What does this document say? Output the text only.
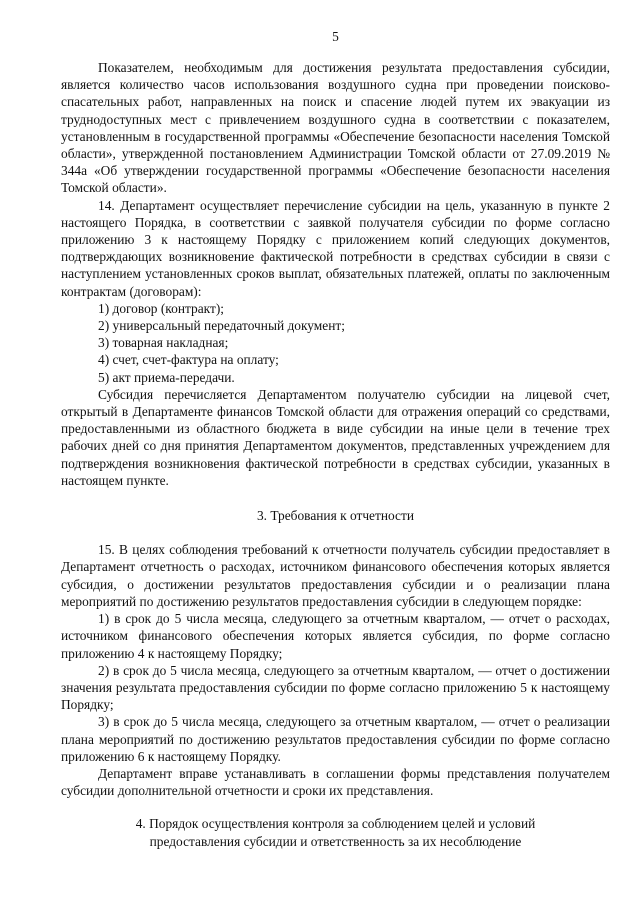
5

Показателем, необходимым для достижения результата предоставления субсидии, является количество часов использования воздушного судна при проведении поисково-спасательных работ, направленных на поиск и спасение людей путем их эвакуации из труднодоступных мест с привлечением воздушного судна в соответствии с показателем, установленным в государственной программы «Обеспечение безопасности населения Томской области», утвержденной постановлением Администрации Томской области от 27.09.2019 № 344а «Об утверждении государственной программы «Обеспечение безопасности населения Томской области».

14. Департамент осуществляет перечисление субсидии на цель, указанную в пункте 2 настоящего Порядка, в соответствии с заявкой получателя субсидии по форме согласно приложению 3 к настоящему Порядку с приложением копий следующих документов, подтверждающих возникновение фактической потребности в средствах субсидии в связи с наступлением установленных сроков выплат, обязательных платежей, оплаты по заключенным контрактам (договорам):

1) договор (контракт);

2) универсальный передаточный документ;

3) товарная накладная;

4) счет, счет-фактура на оплату;

5) акт приема-передачи.

Субсидия перечисляется Департаментом получателю субсидии на лицевой счет, открытый в Департаменте финансов Томской области для отражения операций со средствами, предоставленными из областного бюджета в виде субсидии на иные цели в течение трех рабочих дней со дня принятия Департаментом документов, представленных учреждением для подтверждения возникновения фактической потребности в средствах субсидии, указанных в настоящем пункте.

3. Требования к отчетности

15. В целях соблюдения требований к отчетности получатель субсидии предоставляет в Департамент отчетность о расходах, источником финансового обеспечения которых является субсидия, о достижении результатов предоставления субсидии и о реализации плана мероприятий по достижению результатов предоставления субсидии в следующем порядке:

1) в срок до 5 числа месяца, следующего за отчетным кварталом, — отчет о расходах, источником финансового обеспечения которых является субсидия, по форме согласно приложению 4 к настоящему Порядку;

2) в срок до 5 числа месяца, следующего за отчетным кварталом, — отчет о достижении значения результата предоставления субсидии по форме согласно приложению 5 к настоящему Порядку;

3) в срок до 5 числа месяца, следующего за отчетным кварталом, — отчет о реализации плана мероприятий по достижению результатов предоставления субсидии по форме согласно приложению 6 к настоящему Порядку.

Департамент вправе устанавливать в соглашении формы представления получателем субсидии дополнительной отчетности и сроки их представления.

4. Порядок осуществления контроля за соблюдением целей и условий
предоставления субсидии и ответственность за их несоблюдение
